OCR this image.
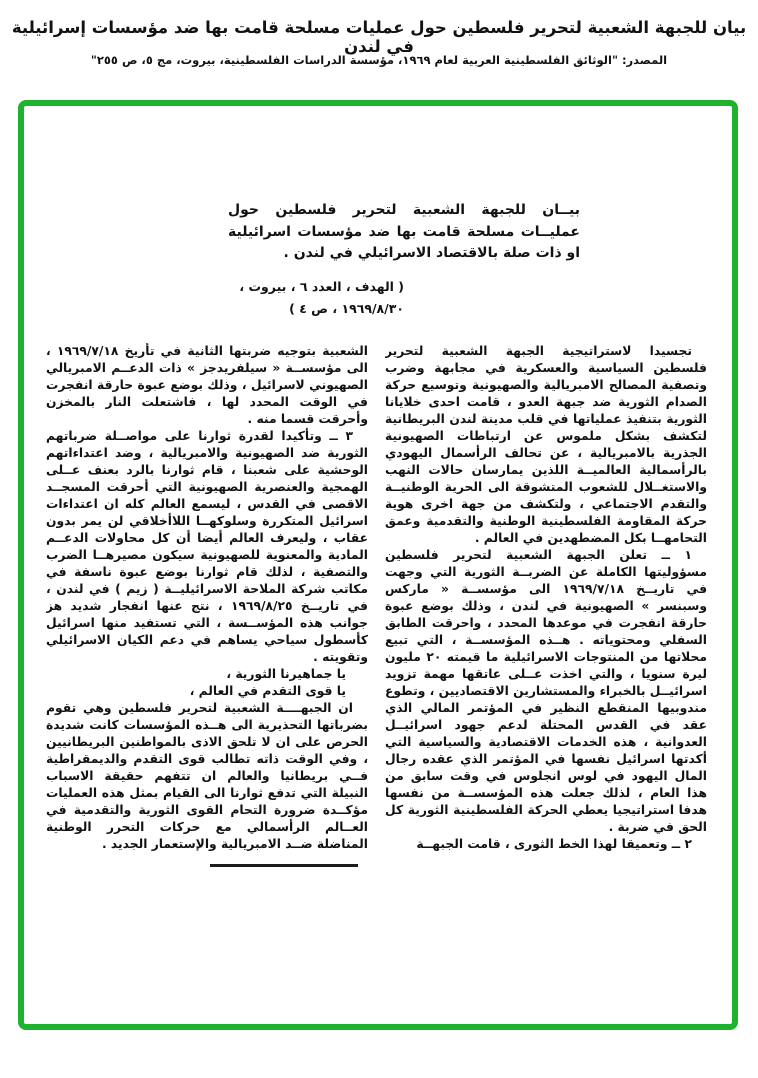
بيان للجبهة الشعبية لتحرير فلسطين حول عمليات مسلحة قامت بها ضد مؤسسات إسرائيلية في لندن
المصدر: "الوثائق الفلسطينية العربية لعام ١٩٦٩، مؤسسة الدراسات الفلسطينية، بيروت، مج ٥، ص ٢٥٥"
بيــان للجبهة الشعبية لتحرير فلسطين حول عمليــات مسلحة قامت بها ضد مؤسسات اسرائيلية او ذات صلة بالاقتصاد الاسرائيلي في لندن .
( الهدف ، العدد ٦ ، بيروت ،
١٩٦٩/٨/٣٠ ، ص ٤ )

تجسيدا لاستراتيجية الجبهة الشعبية لتحرير فلسطين السياسية والعسكرية في مجابهة وضرب وتصفية المصالح الامبريالية والصهيونية وتوسيع حركة الصدام الثورية ضد جبهة العدو ، قامت احدى خلايانا الثورية بتنفيذ عملياتها في قلب مدينة لندن البريطانية لتكشف بشكل ملموس عن ارتباطات الصهيونية الجذرية بالامبريالية ، عن تحالف الرأسمال اليهودي بالرأسمالية العالميــة اللذين يمارسان حالات النهب والاستغــلال للشعوب المتشوقة الى الحرية الوطنيــة والتقدم الاجتماعي ، ولتكشف من جهة اخرى هوية حركة المقاومة الفلسطينية الوطنية والتقدمية وعمق التحامهــا بكل المضطهدين في العالم .

١ ــ تعلن الجبهة الشعبية لتحرير فلسطين مسؤوليتها الكاملة عن الضربــة الثورية التي وجهت في تاريــخ ١٩٦٩/٧/١٨ الى مؤسســة « ماركس وسبنسر » الصهيونية في لندن ، وذلك بوضع عبوة حارقة انفجرت في موعدها المحدد ، واحرقت الطابق السفلي ومحتوياته . هــذه المؤسســة ، التي تبيع محلاتها من المنتوجات الاسرائيلية ما قيمته ٢٠ مليون ليرة سنويا ، والتي اخذت عــلى عاتقها مهمة تزويد اسرائيــل بالخبراء والمستشارين الاقتصاديين ، وتطوع مندوبيها المنقطع النظير في المؤتمر المالي الذي عقد في القدس المحتلة لدعم جهود اسرائيــل العدوانية ، هذه الخدمات الاقتصادية والسياسية التي أكدتها اسرائيل نفسها في المؤتمر الذي عقده رجال المال اليهود في لوس انجلوس في وقت سابق من هذا العام ، لذلك جعلت هذه المؤسســة من نفسها هدفا استراتيجيا يعطي الحركة الفلسطينية الثورية كل الحق في ضربة .

٢ ــ وتعميقا لهذا الخط الثورى ، قامت الجبهــة

الشعبية بتوجيه ضربتها الثانية في تأريخ ١٩٦٩/٧/١٨ ، الى مؤسســة « سيلفريدجز » ذات الدعــم الامبريالي الصهيوني لاسرائيل ، وذلك بوضع عبوة حارقة انفجرت في الوقت المحدد لها ، فاشتعلت النار بالمخزن وأحرقت قسما منه .

٣ ــ وتأكيدا لقدرة ثوارنا على مواصــلة ضرباتهم الثورية ضد الصهيونية والامبريالية ، وضد اعتداءاتهم الوحشية على شعبنا ، قام ثوارنا بالرد بعنف عــلى الهمجية والعنصرية الصهيونية التي أحرقت المسجــد الاقصى في القدس ، ليسمع العالم كله ان اعتداءات اسرائيل المتكررة وسلوكهــا اللاأخلاقي لن يمر بدون عقاب ، وليعرف العالم أيضا أن كل محاولات الدعــم المادية والمعنوية للصهيونية سيكون مصيرهــا الضرب والتصفية ، لذلك قام ثوارنا بوضع عبوة ناسفة في مكاتب شركة الملاحة الاسرائيليــة ( زيم ) في لندن ، في تاريــخ ١٩٦٩/٨/٢٥ ، نتج عنها انفجار شديد هز جوانب هذه المؤســسة ، التي تستفيد منها اسرائيل كأسطول سياحي يساهم في دعم الكيان الاسرائيلي وتقويته .

يا جماهيرنا الثورية ،

يا قوى التقدم في العالم ،

ان الجبهــــة الشعبية لتحرير فلسطين وهي تقوم بضرباتها التحذيرية الى هــذه المؤسسات كانت شديدة الحرص على ان لا تلحق الاذى بالمواطنين البريطانيين ، وفي الوقت ذاته تطالب قوى التقدم والديمقراطية فــي بريطانيا والعالم ان تتفهم حقيقة الاسباب النبيلة التي تدفع ثوارنا الى القيام بمثل هذه العمليات مؤكــدة ضرورة التحام القوى الثورية والتقدمية في العــالم الرأسمالي مع حركات التحرر الوطنية المناضلة ضــد الامبريالية والإستعمار الجديد .
